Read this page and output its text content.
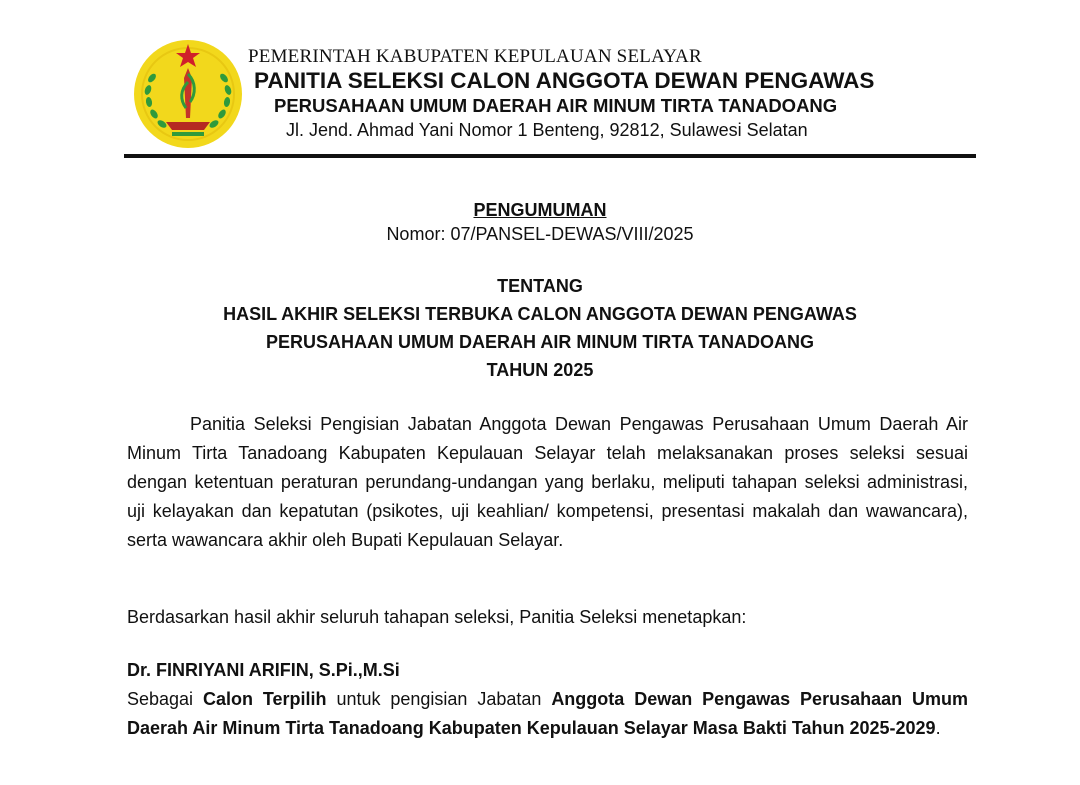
PEMERINTAH KABUPATEN KEPULAUAN SELAYAR
PANITIA SELEKSI CALON ANGGOTA DEWAN PENGAWAS
PERUSAHAAN UMUM DAERAH AIR MINUM TIRTA TANADOANG
Jl. Jend. Ahmad Yani Nomor 1 Benteng, 92812, Sulawesi Selatan
PENGUMUMAN
Nomor: 07/PANSEL-DEWAS/VIII/2025
TENTANG
HASIL AKHIR SELEKSI TERBUKA CALON ANGGOTA DEWAN PENGAWAS
PERUSAHAAN UMUM DAERAH AIR MINUM TIRTA TANADOANG
TAHUN 2025
Panitia Seleksi Pengisian Jabatan Anggota Dewan Pengawas Perusahaan Umum Daerah Air Minum Tirta Tanadoang Kabupaten Kepulauan Selayar telah melaksanakan proses seleksi sesuai dengan ketentuan peraturan perundang-undangan yang berlaku, meliputi tahapan seleksi administrasi, uji kelayakan dan kepatutan (psikotes, uji keahlian/ kompetensi, presentasi makalah dan wawancara), serta wawancara akhir oleh Bupati Kepulauan Selayar.
Berdasarkan hasil akhir seluruh tahapan seleksi, Panitia Seleksi menetapkan:
Dr. FINRIYANI ARIFIN, S.Pi.,M.Si
Sebagai Calon Terpilih untuk pengisian Jabatan Anggota Dewan Pengawas Perusahaan Umum Daerah Air Minum Tirta Tanadoang Kabupaten Kepulauan Selayar Masa Bakti Tahun 2025-2029.
